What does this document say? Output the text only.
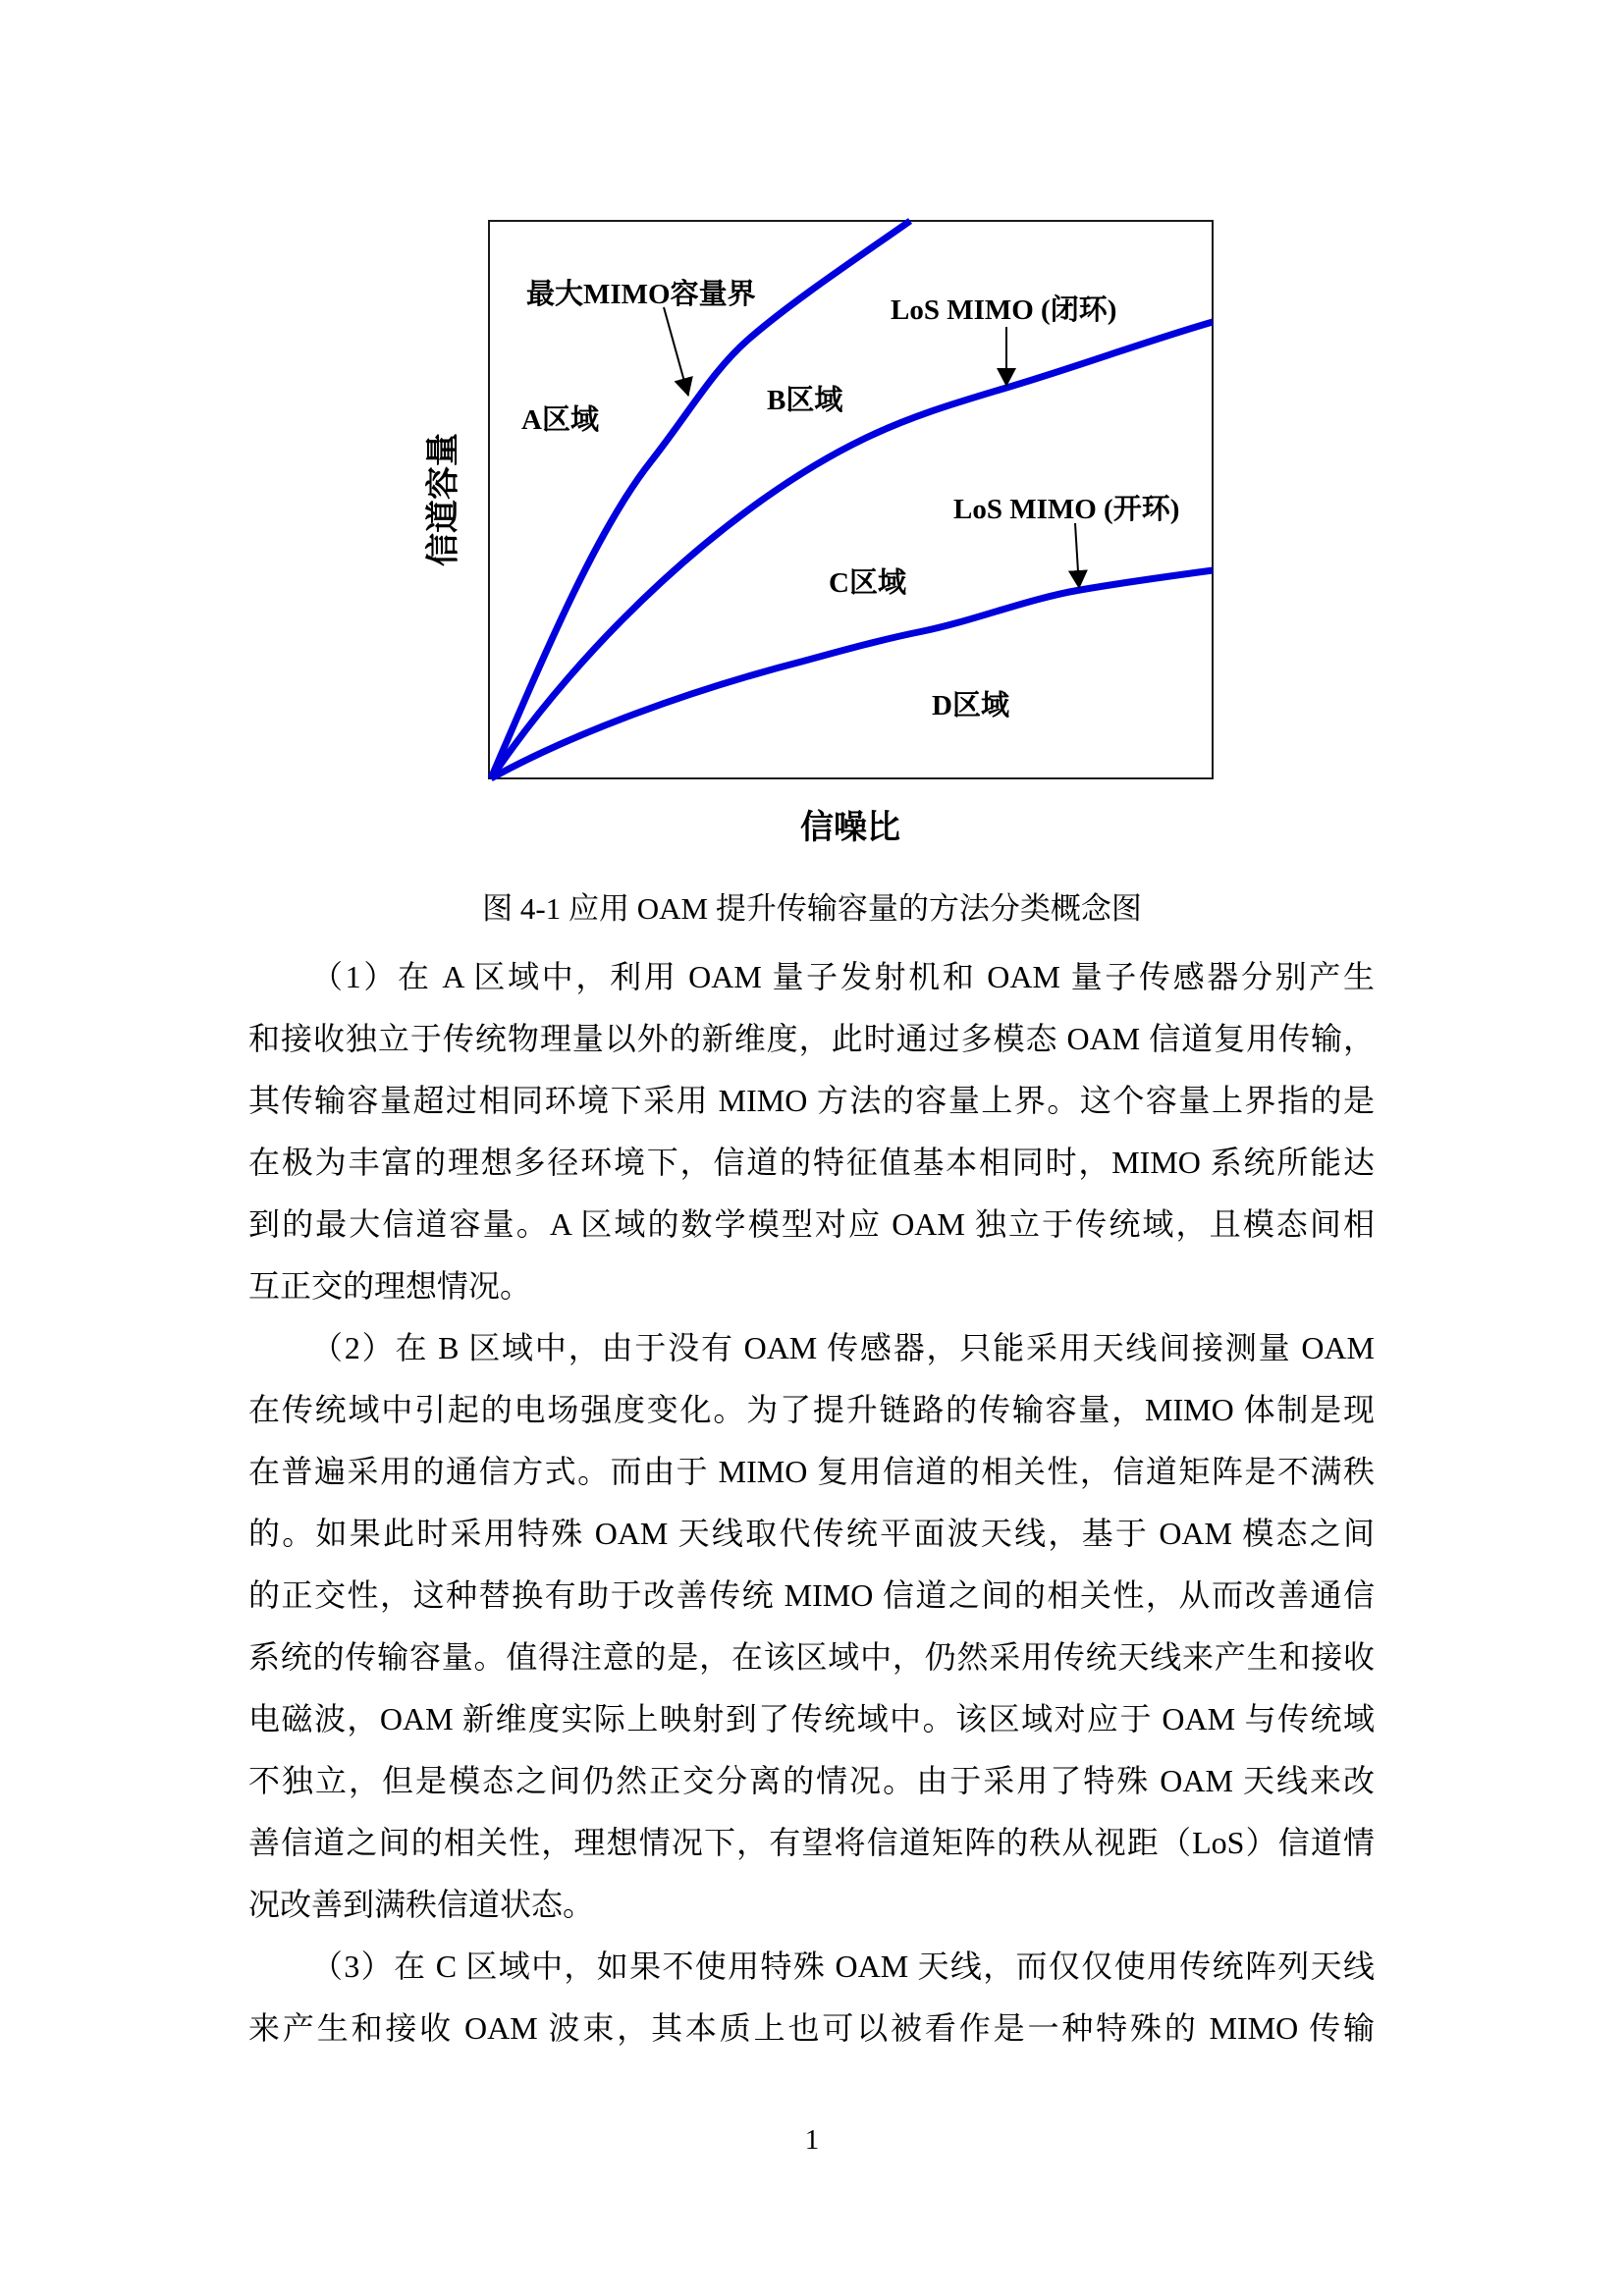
最大MIMO容量界	LoS MIMO (闭环)
LoS MIMO (开环)
A区域
B区域
C区域
D区域
信道容量
信噪比
图 4-1 应用 OAM 提升传输容量的方法分类概念图
（1）在 A 区域中，利用 OAM 量子发射机和 OAM 量子传感器分别产生
和接收独立于传统物理量以外的新维度，此时通过多模态 OAM 信道复用传输，
其传输容量超过相同环境下采用 MIMO 方法的容量上界。这个容量上界指的是
在极为丰富的理想多径环境下，信道的特征值基本相同时，MIMO 系统所能达
到的最大信道容量。A 区域的数学模型对应 OAM 独立于传统域，且模态间相
互正交的理想情况。
（2）在 B 区域中，由于没有 OAM 传感器，只能采用天线间接测量 OAM
在传统域中引起的电场强度变化。为了提升链路的传输容量，MIMO 体制是现
在普遍采用的通信方式。而由于 MIMO 复用信道的相关性，信道矩阵是不满秩
的。如果此时采用特殊 OAM 天线取代传统平面波天线，基于 OAM 模态之间
的正交性，这种替换有助于改善传统 MIMO 信道之间的相关性，从而改善通信
系统的传输容量。值得注意的是，在该区域中，仍然采用传统天线来产生和接收
电磁波，OAM 新维度实际上映射到了传统域中。该区域对应于 OAM 与传统域
不独立，但是模态之间仍然正交分离的情况。由于采用了特殊 OAM 天线来改
善信道之间的相关性，理想情况下，有望将信道矩阵的秩从视距（LoS）信道情
况改善到满秩信道状态。
（3）在 C 区域中，如果不使用特殊 OAM 天线，而仅仅使用传统阵列天线
来产生和接收 OAM 波束，其本质上也可以被看作是一种特殊的 MIMO 传输
1
